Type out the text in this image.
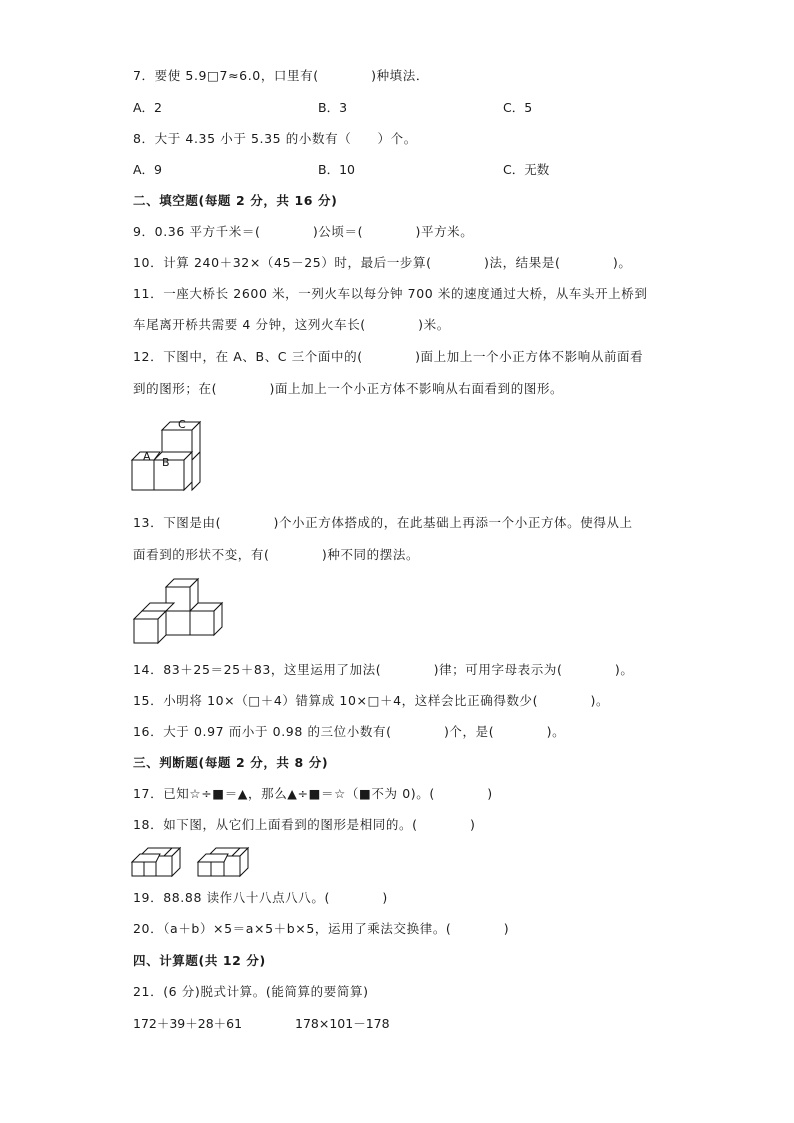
7．要使 5.9□7≈6.0，口里有(　　　　)种填法．
A．2	B．3	C．5
8．大于 4.35 小于 5.35 的小数有（　　）个。
A．9	B．10	C．无数
二、填空题(每题 2 分，共 16 分)
9．0.36 平方千米＝(　　　　)公顷＝(　　　　)平方米。
10．计算 240＋32×（45－25）时，最后一步算(　　　　)法，结果是(　　　　)。
11．一座大桥长 2600 米，一列火车以每分钟 700 米的速度通过大桥，从车头开上桥到
车尾离开桥共需要 4 分钟，这列火车长(　　　　)米。
12．下图中，在 A、B、C 三个面中的(　　　　)面上加上一个小正方体不影响从前面看
到的图形；在(　　　　)面上加上一个小正方体不影响从右面看到的图形。
C
A B
13．下图是由(　　　　)个小正方体搭成的，在此基础上再添一个小正方体。使得从上
面看到的形状不变，有(　　　　)种不同的摆法。
14．83＋25＝25＋83，这里运用了加法(　　　　)律；可用字母表示为(　　　　)。
15．小明将 10×（□＋4）错算成 10×□＋4，这样会比正确得数少(　　　　)。
16．大于 0.97 而小于 0.98 的三位小数有(　　　　)个，是(　　　　)。
三、判断题(每题 2 分，共 8 分)
17．已知☆÷■＝▲，那么▲÷■＝☆（■不为 0)。(　　　　)
18．如下图，从它们上面看到的图形是相同的。(　　　　)
19．88.88 读作八十八点八八。(　　　　)
20．（a＋b）×5＝a×5＋b×5，运用了乘法交换律。(　　　　)
四、计算题(共 12 分)
21．(6 分)脱式计算。(能简算的要简算)
172＋39＋28＋61	178×101－178
